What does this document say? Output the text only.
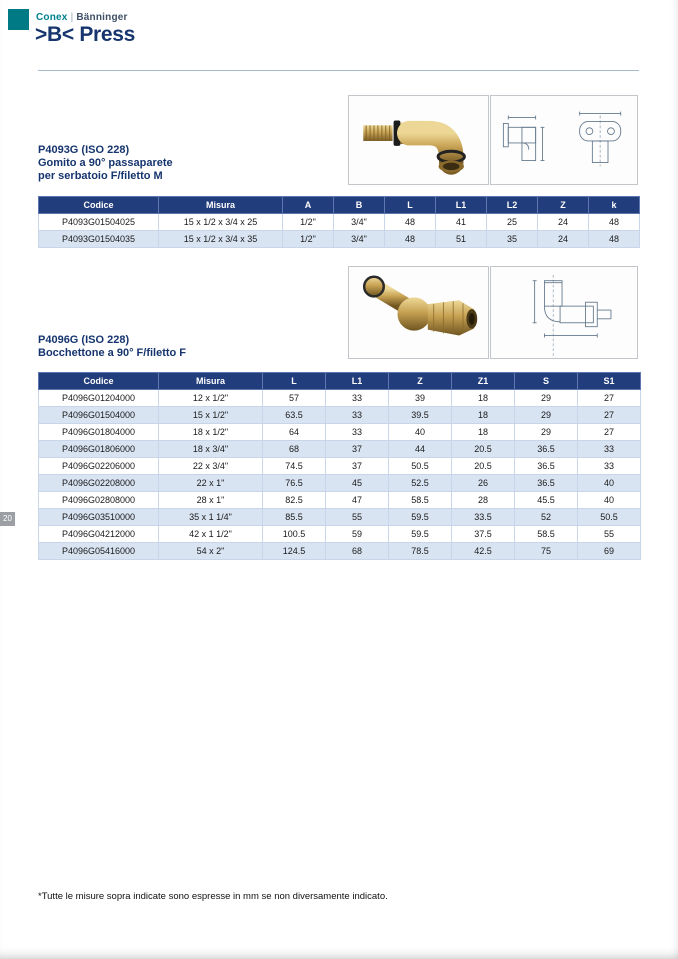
Conex | Bänninger
>B< Press
P4093G (ISO 228)
Gomito a 90° passaparete
per serbatoio F/filetto M
Codice	Misura	A	B	L	L1	L2	Z	k
P4093G01504025	15 x 1/2 x 3/4 x 25	1/2"	3/4"	48	41	25	24	48
P4093G01504035	15 x 1/2 x 3/4 x 35	1/2"	3/4"	48	51	35	24	48
P4096G (ISO 228)
Bocchettone a 90° F/filetto F
Codice	Misura	L	L1	Z	Z1	S	S1
P4096G01204000	12 x 1/2"	57	33	39	18	29	27
P4096G01504000	15 x 1/2"	63.5	33	39.5	18	29	27
P4096G01804000	18 x 1/2"	64	33	40	18	29	27
P4096G01806000	18 x 3/4"	68	37	44	20.5	36.5	33
P4096G02206000	22 x 3/4"	74.5	37	50.5	20.5	36.5	33
P4096G02208000	22 x 1"	76.5	45	52.5	26	36.5	40
P4096G02808000	28 x 1"	82.5	47	58.5	28	45.5	40
P4096G03510000	35 x 1 1/4"	85.5	55	59.5	33.5	52	50.5
P4096G04212000	42 x 1 1/2"	100.5	59	59.5	37.5	58.5	55
P4096G05416000	54 x 2"	124.5	68	78.5	42.5	75	69
20
*Tutte le misure sopra indicate sono espresse in mm se non diversamente indicato.
